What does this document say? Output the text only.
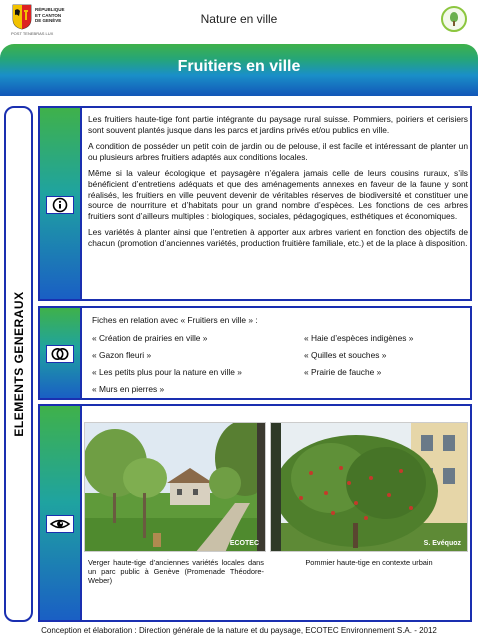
RÉPUBLIQUE
ET CANTON
DE GENÈVE
POST TENEBRAS LUX
Nature en ville
Fruitiers en ville
ELEMENTS GENERAUX

Les fruitiers haute-tige font partie intégrante du paysage rural suisse. Pommiers, poiriers et cerisiers sont souvent plantés jusque dans les parcs et jardins privés et/ou publics en ville.

A condition de posséder un petit coin de jardin ou de pelouse, il est facile et intéressant de planter un ou plusieurs arbres fruitiers adaptés aux conditions locales.

Même si la valeur écologique et paysagère n’égalera jamais celle de leurs cousins ruraux, s’ils bénéficient d’entretiens adéquats et que des aménagements annexes en faveur de la faune y sont réalisés, les fruitiers en ville peuvent devenir de véritables réserves de biodiversité et constituer une source de nourriture et d’habitats pour un grand nombre d’espèces. Les fonctions de ces arbres fruitiers sont d’ailleurs multiples : biologiques, sociales, pédagogiques, esthétiques et économiques.

Les variétés à planter ainsi que l’entretien à apporter aux arbres varient en fonction des objectifs de chacun (promotion d’anciennes variétés, production fruitière familiale, etc.) et de la place à disposition.

Fiches en relation avec « Fruitiers en ville » :
« Création de prairies en ville »
« Gazon fleuri »
« Les petits plus pour la nature en ville »
« Murs en pierres »
« Haie d’espèces indigènes »
« Quilles et souches »
« Prairie de fauche »
ECOTEC
Verger haute-tige d’anciennes variétés locales dans un parc public à Genève (Promenade Théodore-Weber)
S. Evéquoz
Pommier haute-tige en contexte urbain
Conception et élaboration : Direction générale de la nature et du paysage, ECOTEC Environnement S.A. - 2012
